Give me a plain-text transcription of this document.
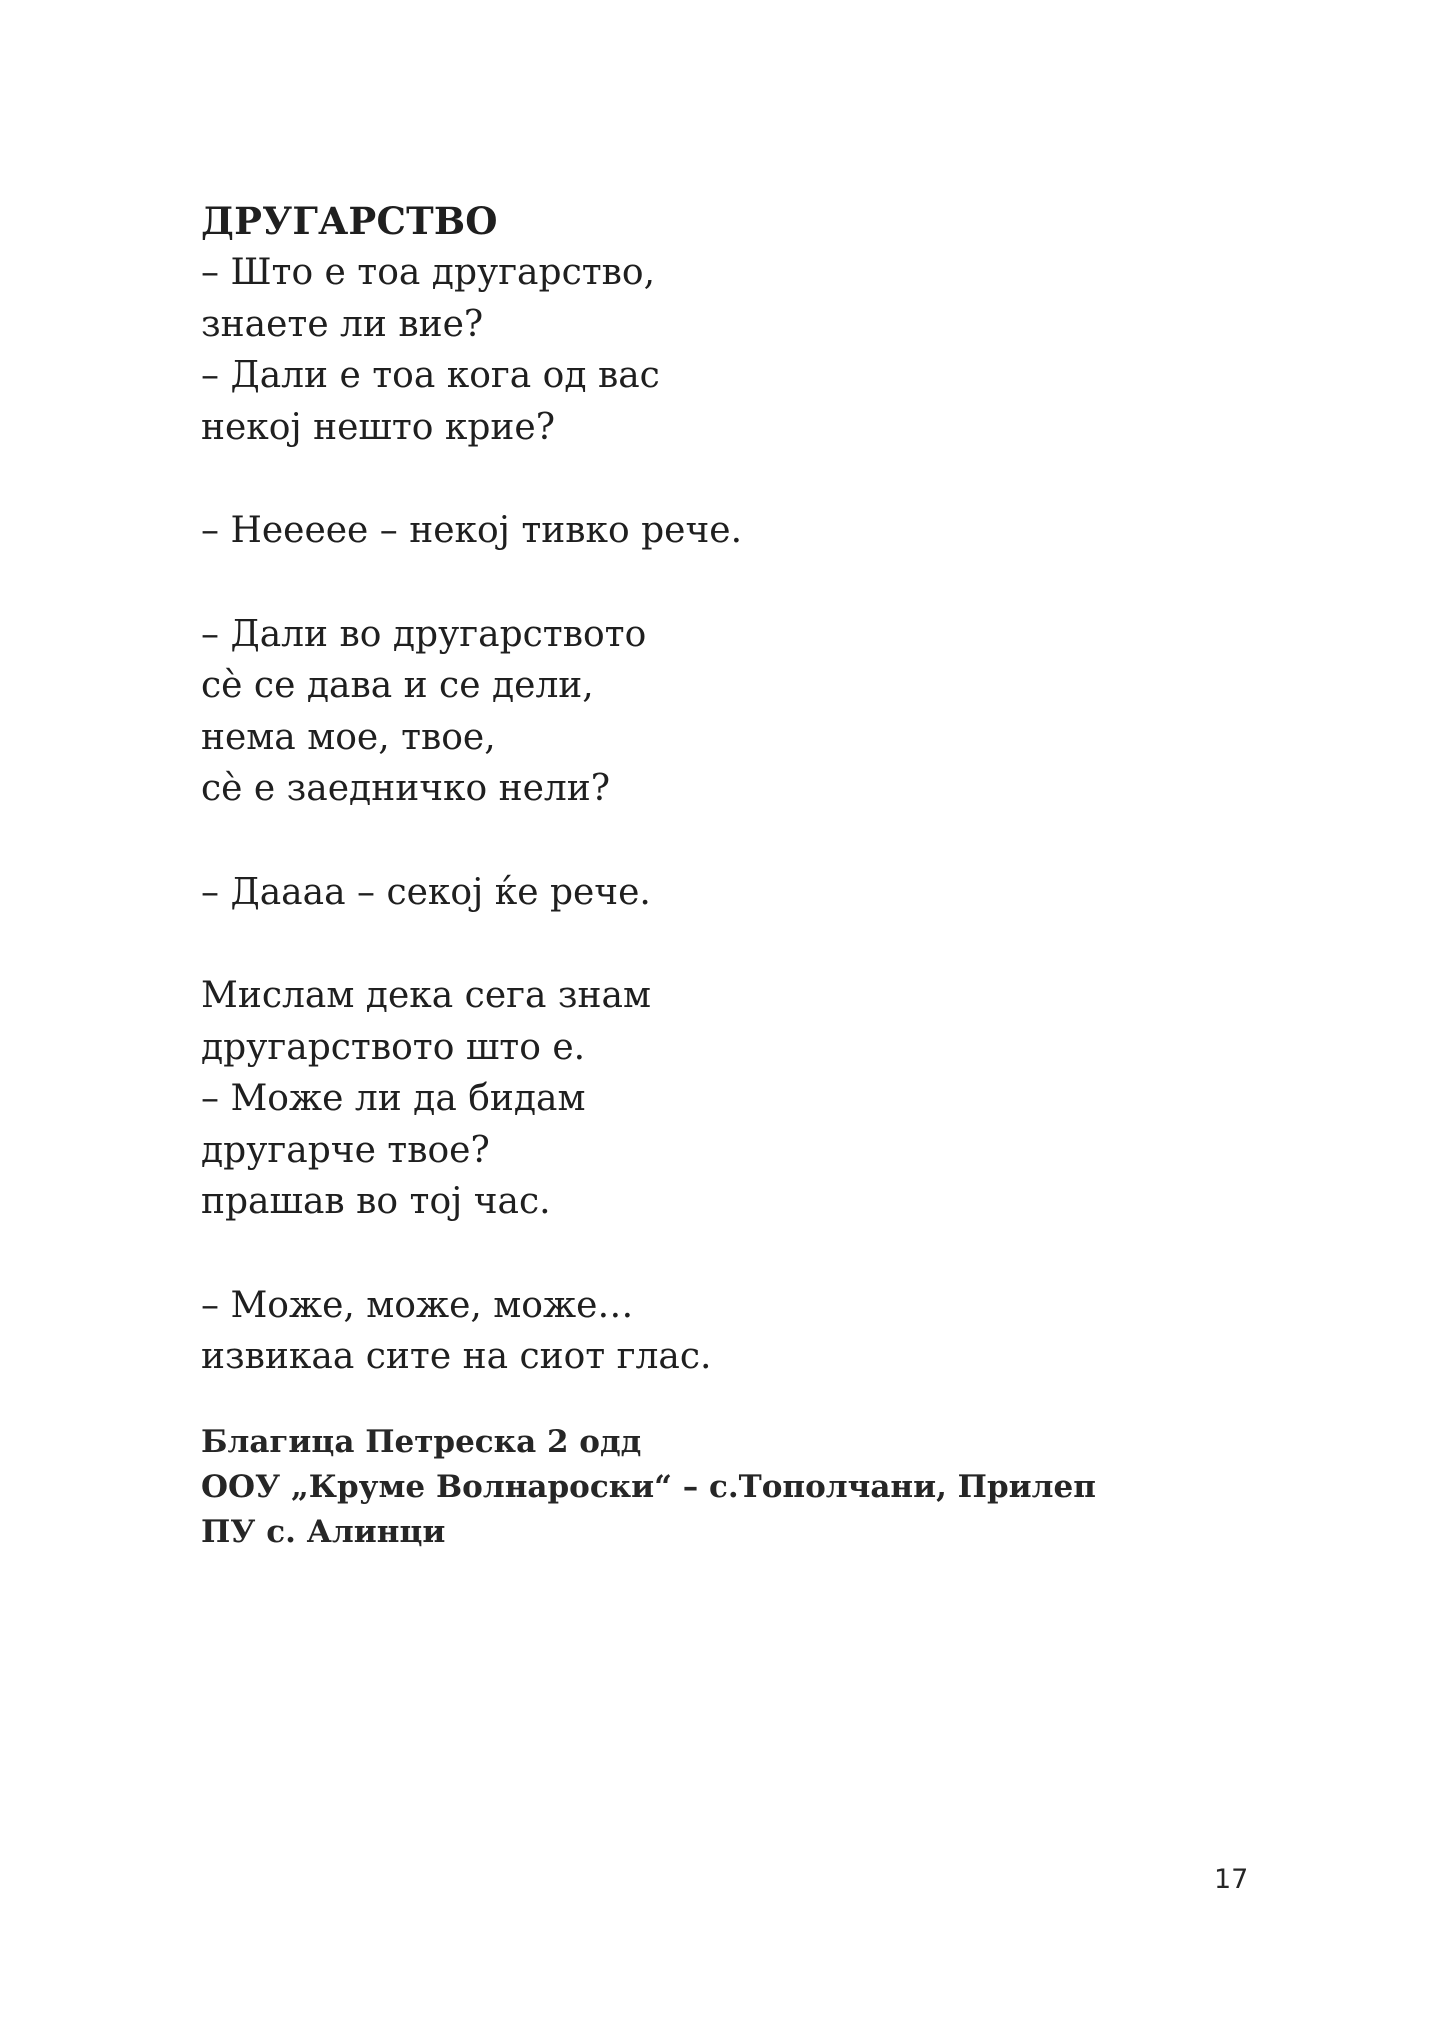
ДРУГАРСТВО
– Што е тоа другарство,
знаете ли вие?
– Дали е тоа кога од вас
некој нешто крие?
– Нееееe – некој тивко рече.
– Дали во другарството
сè се дава и се дели,
нема мое, твое,
сè е заедничко нели?
– Даааа – секој ќе рече.
Мислам дека сега знам
другарството што е.
– Може ли да бидам
другарче твое?
прашав во тој час.
– Може, може, може…
извикаа сите на сиот глас.
Благица Петреска 2 одд
ООУ „Круме Волнароски“ – с.Тополчани, Прилеп
ПУ с. Алинци
17
